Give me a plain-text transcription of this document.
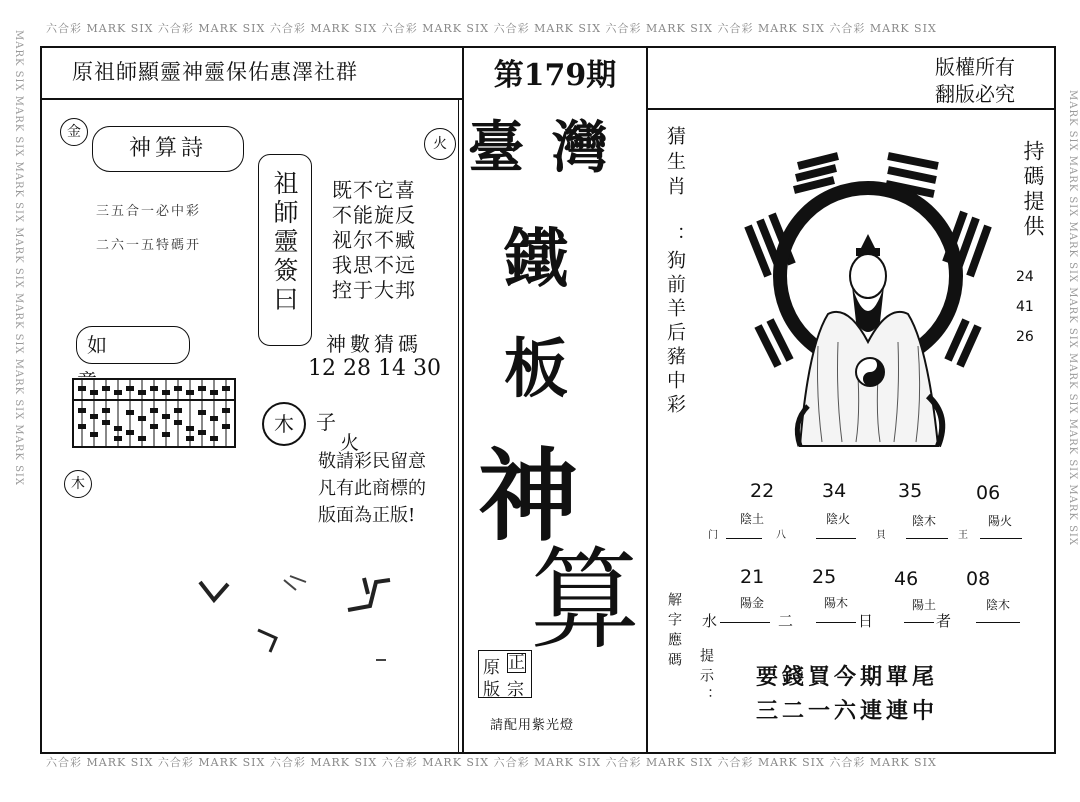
六合彩 MARK SIX 六合彩 MARK SIX 六合彩 MARK SIX 六合彩 MARK SIX 六合彩 MARK SIX 六合彩 MARK SIX 六合彩 MARK SIX 六合彩 MARK SIX
六合彩 MARK SIX 六合彩 MARK SIX 六合彩 MARK SIX 六合彩 MARK SIX 六合彩 MARK SIX 六合彩 MARK SIX 六合彩 MARK SIX 六合彩 MARK SIX
MARK SIX MARK SIX MARK SIX MARK SIX MARK SIX MARK SIX MARK SIX	MARK SIX MARK SIX MARK SIX MARK SIX MARK SIX MARK SIX MARK SIX
原祖師顯靈神靈保佑惠澤社群	第179期	版權所有
翻版必究
金
火
神算詩
三五合一必中彩
二六一五特碼开	祖師靈簽曰	既不它喜
不能旋反
视尔不臧
我思不远
控于大邦
神數猜碼
12 28 14 30
如
木	子
火
敬請彩民留意
凡有此商標的
版面為正版!
木
臺 灣
鐵
板
神
算
原 正
版 宗
請配用紫光燈
猜生肖
：狗前羊后豬中彩
持碼提供
24
41
26
22	34	35	06
陰土	陰火	陰木	陽火
门	八	貝	王
21	25	46	08
陽金	陽木	陽土	陰木
水	二	日	者
解字應碼
提示： 要錢買今期單尾
三二一六連連中
